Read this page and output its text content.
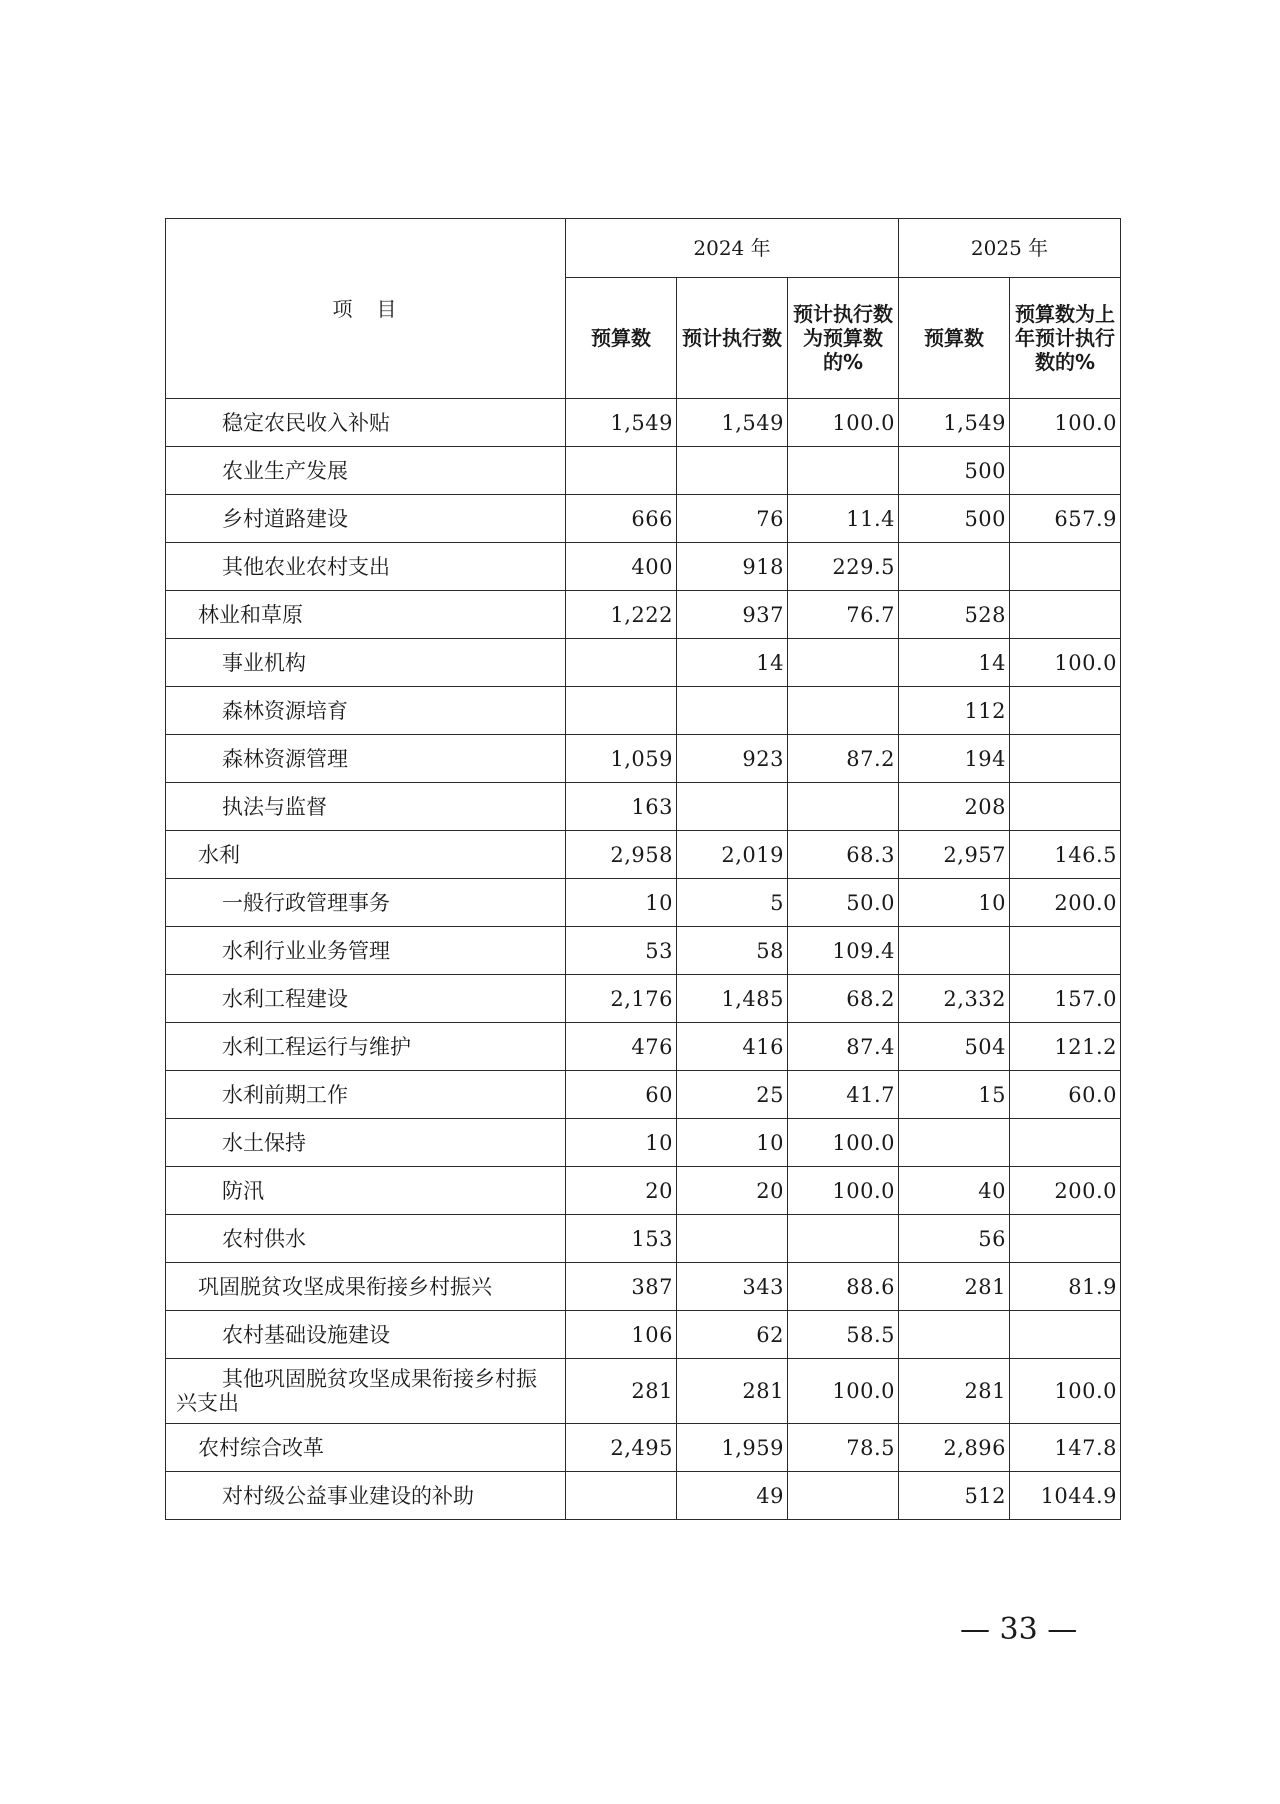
项　目	2024 年			2025 年	
	预算数	预计执行数	预计执行数为预算数的%	预算数	预算数为上年预计执行数的%
稳定农民收入补贴	1,549	1,549	100.0	1,549	100.0
农业生产发展				500	
乡村道路建设	666	76	11.4	500	657.9
其他农业农村支出	400	918	229.5		
林业和草原	1,222	937	76.7	528	
事业机构		14		14	100.0
森林资源培育				112	
森林资源管理	1,059	923	87.2	194	
执法与监督	163			208	
水利	2,958	2,019	68.3	2,957	146.5
一般行政管理事务	10	5	50.0	10	200.0
水利行业业务管理	53	58	109.4		
水利工程建设	2,176	1,485	68.2	2,332	157.0
水利工程运行与维护	476	416	87.4	504	121.2
水利前期工作	60	25	41.7	15	60.0
水土保持	10	10	100.0		
防汛	20	20	100.0	40	200.0
农村供水	153			56	
巩固脱贫攻坚成果衔接乡村振兴	387	343	88.6	281	81.9
农村基础设施建设	106	62	58.5		
其他巩固脱贫攻坚成果衔接乡村振兴支出	281	281	100.0	281	100.0
农村综合改革	2,495	1,959	78.5	2,896	147.8
对村级公益事业建设的补助		49		512	1044.9
— 33 —
